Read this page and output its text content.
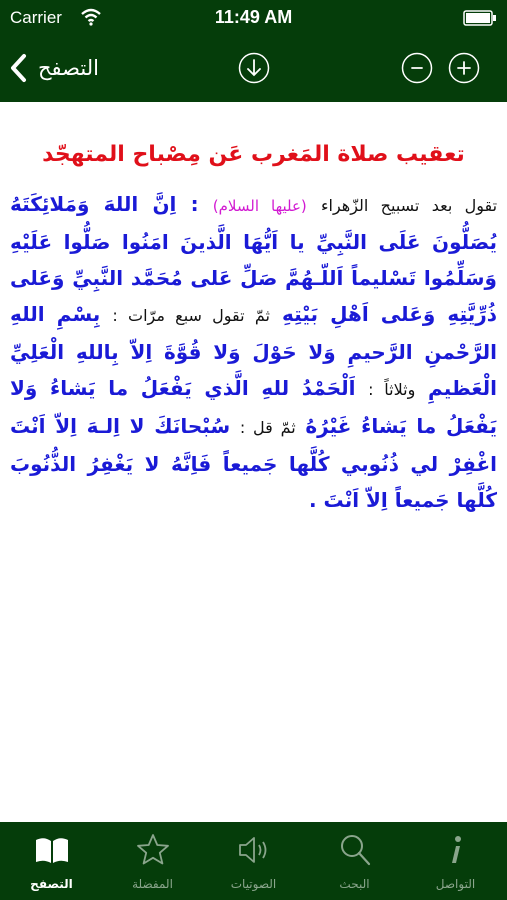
Carrier	11:49 AM
التصفح
تعقيب صلاة المَغرب عَن مِصْباح المتهجّد
تقول بعد تسبيح الزّهراء (عليها السلام) : اِنَّ اللهَ وَمَلائِكَتَهُ يُصَلُّونَ عَلَى النَّبِيِّ يا اَيُّهَا الَّذينَ امَنُوا صَلُّوا عَلَيْهِ وَسَلِّمُوا تَسْليماً اَللّـهُمَّ صَلِّ عَلى مُحَمَّد النَّبِيِّ وَعَلى ذُرِّيَّتِهِ وَعَلى اَهْلِ بَيْتِهِ ثمّ تقول سبع مرّات : بِسْمِ اللهِ الرَّحْمنِ الرَّحيمِ وَلا حَوْلَ وَلا قُوَّةَ اِلاّ بِاللهِ الْعَلِيِّ الْعَظيمِ وثلاثاً : اَلْحَمْدُ للهِ الَّذي يَفْعَلُ ما يَشاءُ وَلا يَفْعَلُ ما يَشاءُ غَيْرُهُ ثمّ قل : سُبْحانَكَ لا اِلـهَ اِلاّ اَنْتَ اغْفِرْ لي ذُنُوبي كُلَّها جَميعاً فَاِنَّهُ لا يَغْفِرُ الذُّنُوبَ كُلَّها جَميعاً اِلاّ اَنْتَ .
التواصل
البحث
الصوتيات
المفضلة
التصفح
